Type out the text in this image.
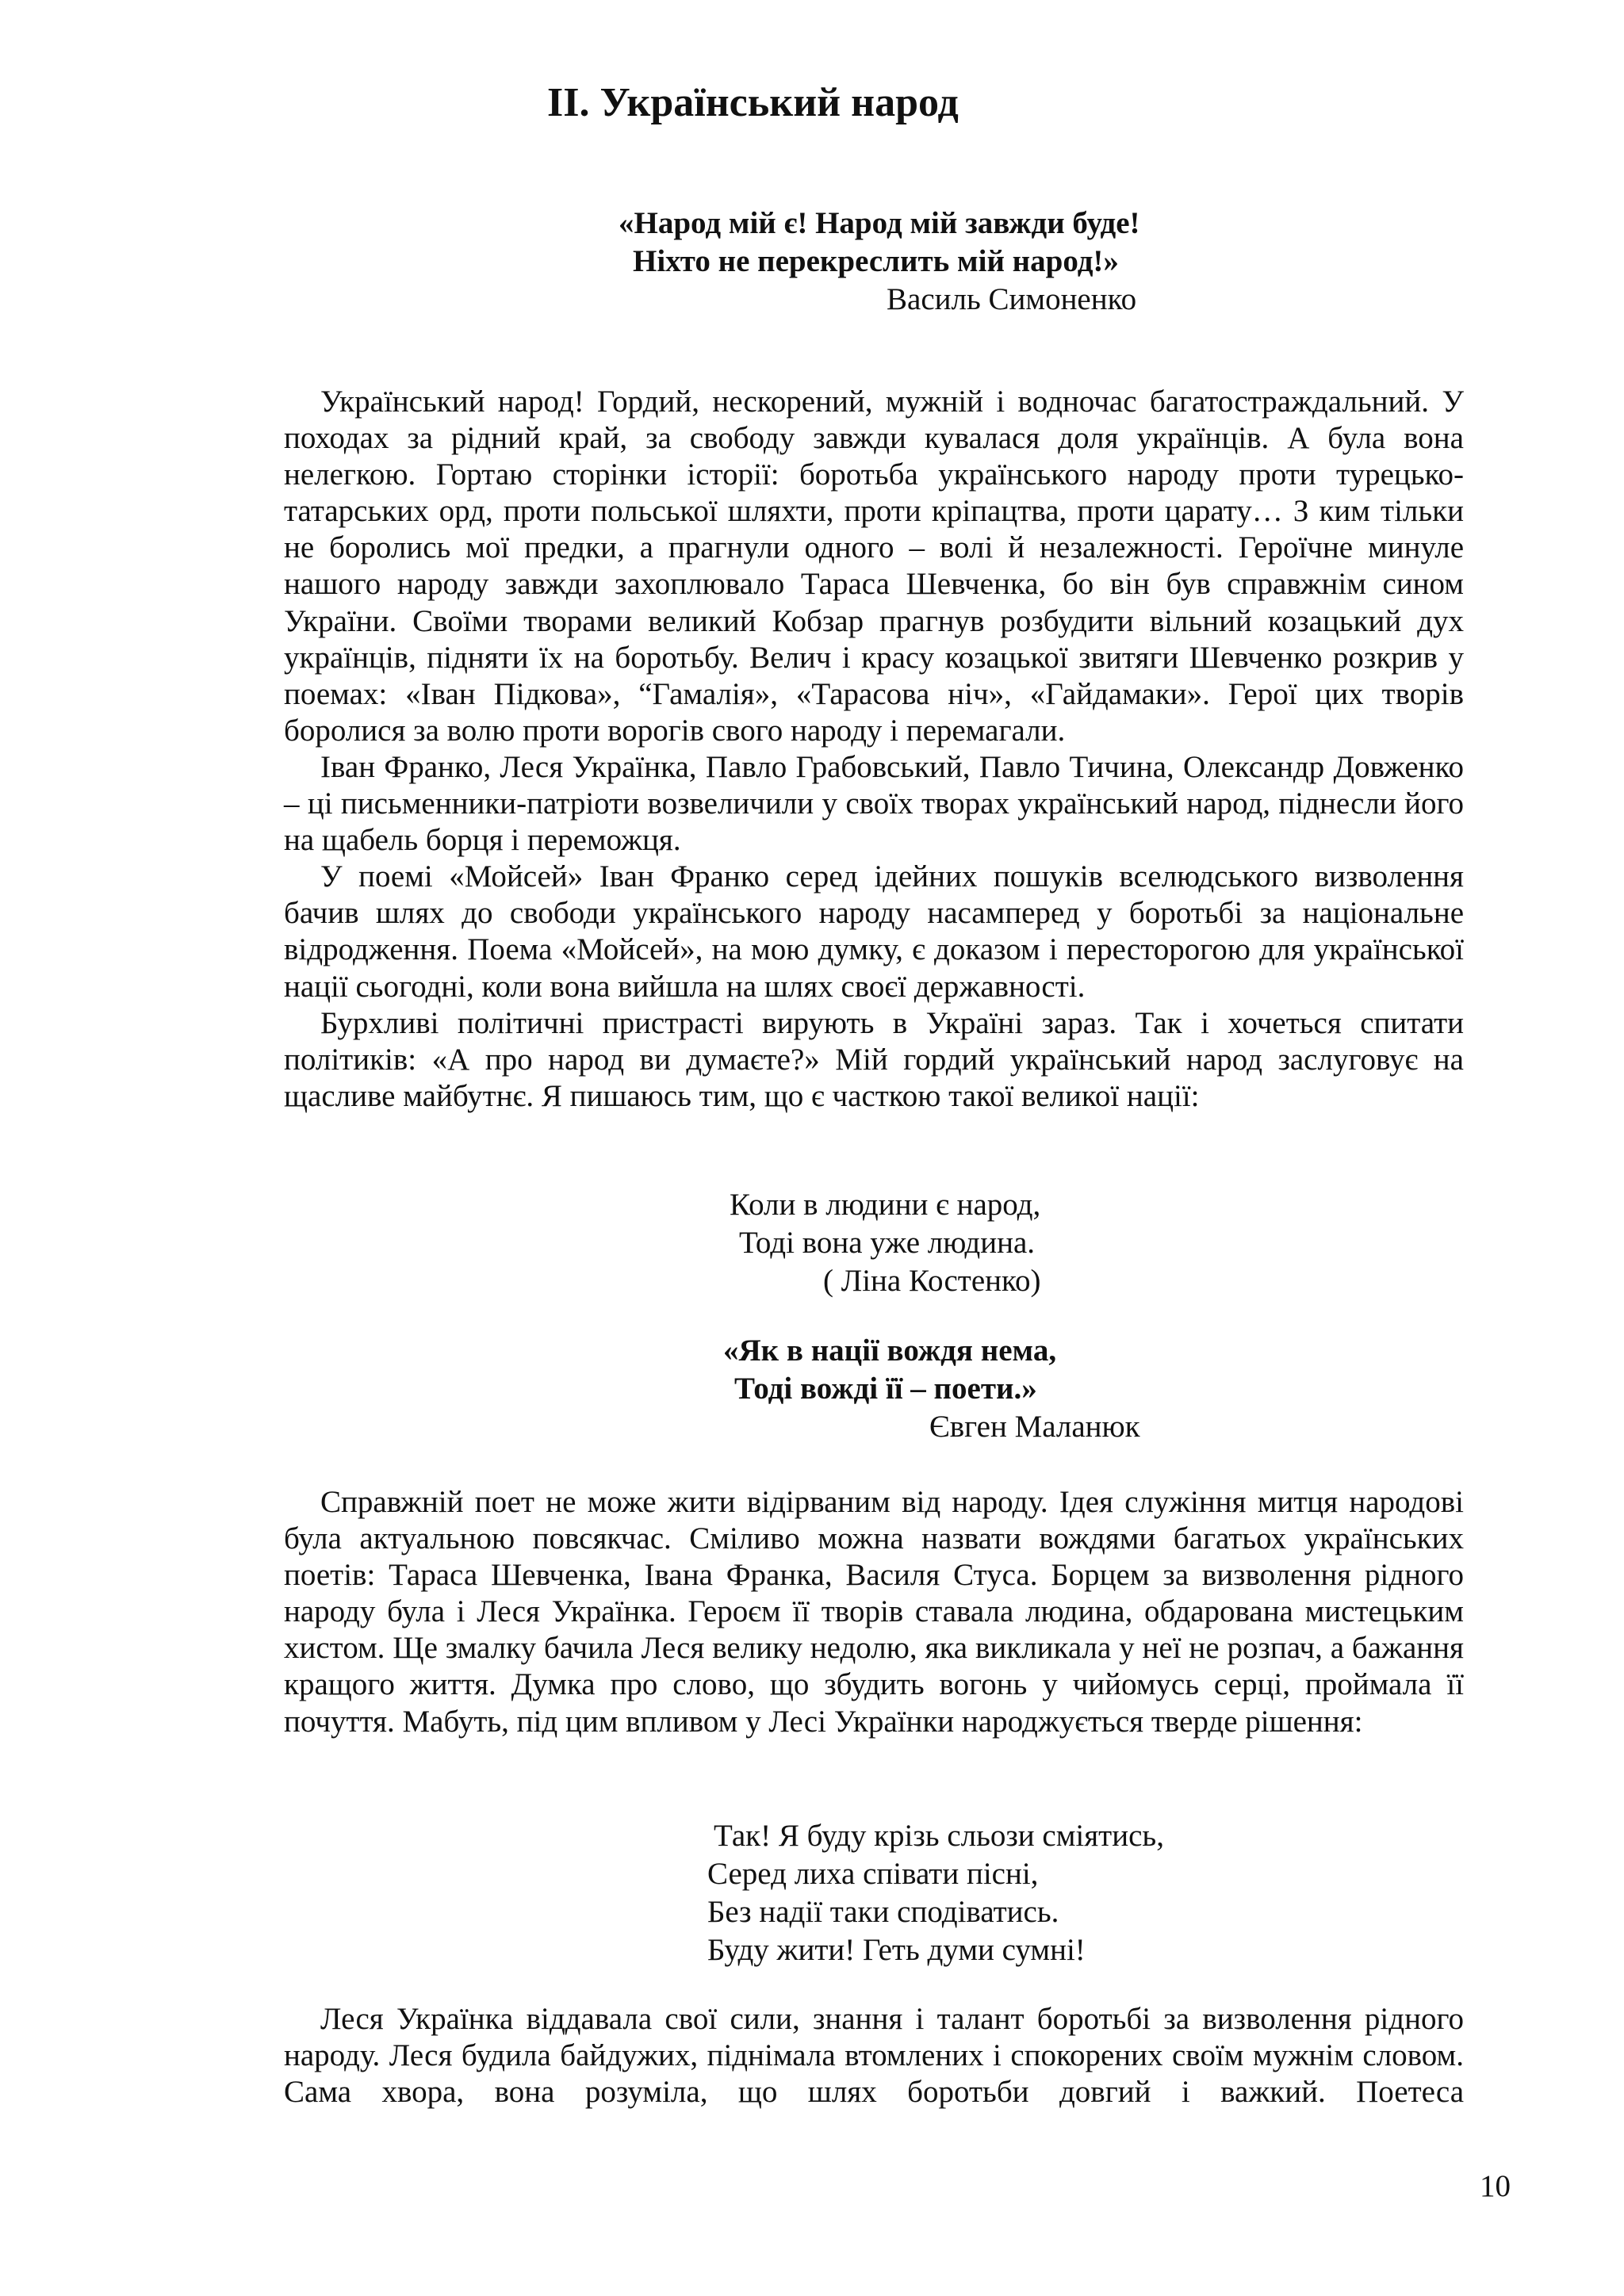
II. Український народ
«Народ мій є! Народ мій завжди буде!
Ніхто не перекреслить мій народ!»
Василь Симоненко

Український народ! Гордий, нескорений, мужній і водночас багатостраждальний. У походах за рідний край, за свободу завжди кувалася доля українців. А була вона нелегкою. Гортаю сторінки історії: боротьба українського народу проти турецько-татарських орд, проти польської шляхти, проти кріпацтва, проти царату… З ким тільки не боролись мої предки, а прагнули одного – волі й незалежності. Героїчне минуле нашого народу завжди захоплювало Тараса Шевченка, бо він був справжнім сином України. Своїми творами великий Кобзар прагнув розбудити вільний козацький дух українців, підняти їх на боротьбу. Велич і красу козацької звитяги Шевченко розкрив у поемах: «Іван Підкова», “Гамалія», «Тарасова ніч», «Гайдамаки». Герої цих творів боролися за волю проти ворогів свого народу і перемагали.

Іван Франко, Леся Українка, Павло Грабовський, Павло Тичина, Олександр Довженко – ці письменники-патріоти возвеличили у своїх творах український народ, піднесли його на щабель борця і переможця.

У поемі «Мойсей» Іван Франко серед ідейних пошуків вселюдського визволення бачив шлях до свободи українського народу насамперед у боротьбі за національне відродження. Поема «Мойсей», на мою думку, є доказом і пересторогою для української нації сьогодні, коли вона вийшла на шлях своєї державності.

Бурхливі політичні пристрасті вирують в Україні зараз. Так і хочеться спитати політиків: «А про народ ви думаєте?» Мій гордий український народ заслуговує на щасливе майбутнє. Я пишаюсь тим, що є часткою такої великої нації:

Коли в людини є народ,
Тоді вона уже людина.
( Ліна Костенко)
«Як в нації вождя нема,
Тоді вожді її – поети.»
Євген Маланюк

Справжній поет не може жити відірваним від народу. Ідея служіння митця народові була актуальною повсякчас. Сміливо можна назвати вождями багатьох українських поетів: Тараса Шевченка, Івана Франка, Василя Стуса. Борцем за визволення рідного народу була і Леся Українка. Героєм її творів ставала людина, обдарована мистецьким хистом. Ще змалку бачила Леся велику недолю, яка викликала у неї не розпач, а бажання кращого життя. Думка про слово, що збудить вогонь у чийомусь серці, проймала її почуття. Мабуть, під цим впливом у Лесі Українки народжується тверде рішення:

Так! Я буду крізь сльози сміятись,
Серед лиха співати пісні,
Без надії таки сподіватись.
Буду жити! Геть думи сумні!

Леся Українка віддавала свої сили, знання і талант боротьбі за визволення рідного народу. Леся будила байдужих, піднімала втомлених і спокорених своїм мужнім словом. Сама хвора, вона розуміла, що шлях боротьби довгий і важкий. Поетеса

10
